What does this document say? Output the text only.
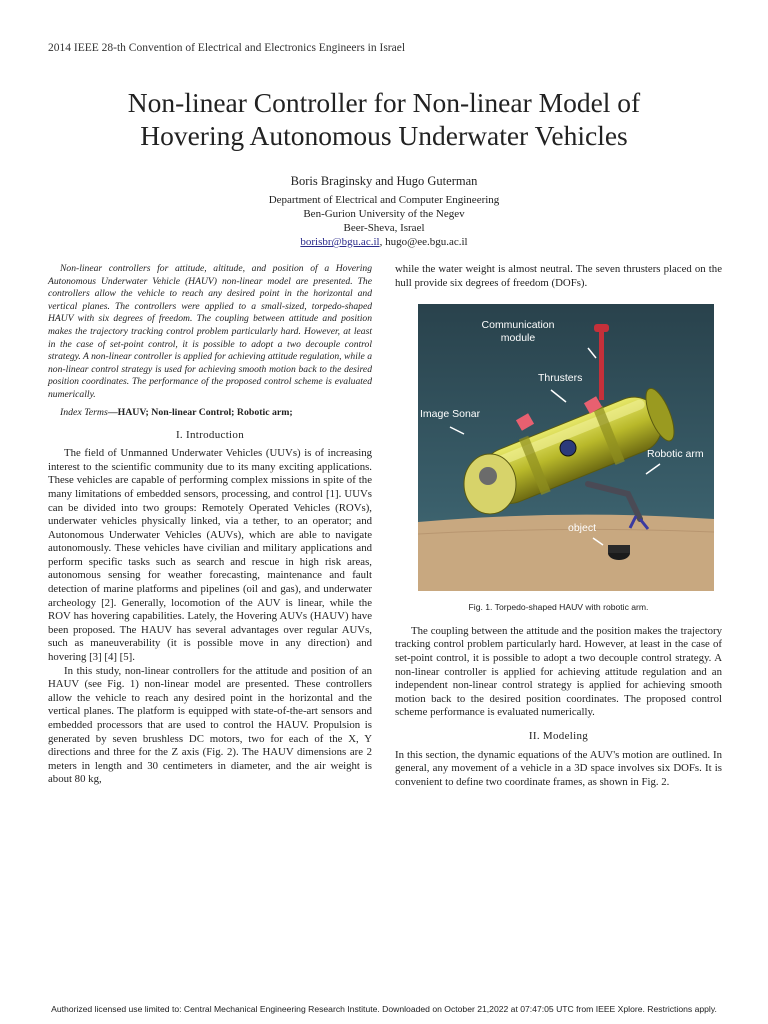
2014 IEEE 28-th Convention of Electrical and Electronics Engineers in Israel
Non-linear Controller for Non-linear Model of
Hovering Autonomous Underwater Vehicles
Boris Braginsky and Hugo Guterman
Department of Electrical and Computer Engineering
Ben-Gurion University of the Negev
Beer-Sheva, Israel
borisbr@bgu.ac.il, hugo@ee.bgu.ac.il

Non-linear controllers for attitude, altitude, and position of a Hovering Autonomous Underwater Vehicle (HAUV) non-linear model are presented. The controllers allow the vehicle to reach any desired point in the horizontal and vertical planes. The controllers were applied to a small-sized, torpedo-shaped HAUV with six degrees of freedom. The coupling between attitude and position makes the trajectory tracking control problem particularly hard. However, at least in the case of set-point control, it is possible to adopt a two decouple control strategy. A non-linear controller is applied for achieving attitude regulation, while a non-linear control strategy is used for achieving smooth motion back to the desired position coordinates. The performance of the proposed control scheme is evaluated numerically.

Index Terms—HAUV; Non-linear Control; Robotic arm;

I. Introduction

The field of Unmanned Underwater Vehicles (UUVs) is of increasing interest to the scientific community due to its many exciting applications. These vehicles are capable of performing complex missions in spite of the many limitations of embedded sensors, processing, and control [1]. UUVs can be divided into two groups: Remotely Operated Vehicles (ROVs), underwater vehicles physically linked, via a tether, to an operator; and Autonomous Underwater Vehicles (AUVs), which are able to navigate autonomously. These vehicles have civilian and military applications and perform specific tasks such as search and rescue in high risk areas, autonomous sensing for weather forecasting, maintenance and fault detection of marine platforms and pipelines (oil and gas), and underwater archeology [2]. Generally, locomotion of the AUV is linear, while the ROV has hovering capabilities. Lately, the Hovering AUVs (HAUV) have been proposed. The HAUV has several advantages over regular AUVs, such as maneuverability (it is possible move in any direction) and hovering [3] [4] [5].

In this study, non-linear controllers for the attitude and position of an HAUV (see Fig. 1) non-linear model are presented. These controllers allow the vehicle to reach any desired point in the horizontal and the vertical planes. The platform is equipped with state-of-the-art sensors and embedded processors that are used to control the HAUV. Propulsion is generated by seven brushless DC motors, two for each of the X, Y directions and three for the Z axis (Fig. 2). The HAUV dimensions are 2 meters in length and 30 centimeters in diameter, and the air weight is about 80 kg,

while the water weight is almost neutral. The seven thrusters placed on the hull provide six degrees of freedom (DOFs).

Communication
module
Thrusters
Image Sonar
Robotic arm
object
Fig. 1. Torpedo-shaped HAUV with robotic arm.

The coupling between the attitude and the position makes the trajectory tracking control problem particularly hard. However, at least in the case of set-point control, it is possible to adopt a two decouple control strategy. A non-linear controller is applied for achieving attitude regulation and an independent non-linear control strategy is applied for achieving smooth motion back to the desired position coordinates. The proposed control scheme performance is evaluated numerically.

II. Modeling

In this section, the dynamic equations of the AUV's motion are outlined. In general, any movement of a vehicle in a 3D space involves six DOFs. It is convenient to define two coordinate frames, as shown in Fig. 2.

Authorized licensed use limited to: Central Mechanical Engineering Research Institute. Downloaded on October 21,2022 at 07:47:05 UTC from IEEE Xplore. Restrictions apply.
